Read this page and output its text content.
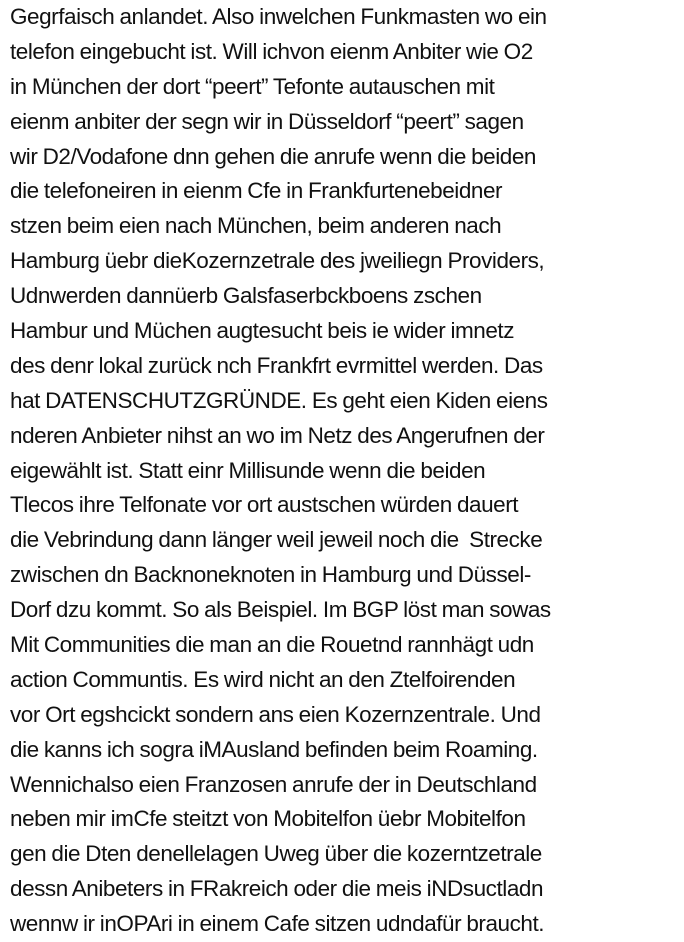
Gegrfaisch anlandet. Also inwelchen Funkmasten wo ein
telefon eingebucht ist. Will ichvon eienm Anbiter wie O2
in München der dort “peert” Tefonte autauschen mit
eienm anbiter der segn wir in Düsseldorf “peert” sagen
wir D2/Vodafone dnn gehen die anrufe wenn die beiden
die telefoneiren in eienm Cfe in Frankfurtenebeidner
stzen beim eien nach München, beim anderen nach
Hamburg üebr dieKozernzetrale des jweiliegn Providers,
Udnwerden dannüerb Galsfaserbckboens zschen
Hambur und Müchen augtesucht beis ie wider imnetz
des denr lokal zurück nch Frankfrt evrmittel werden. Das
hat DATENSCHUTZGRÜNDE. Es geht eien Kiden eiens
nderen Anbieter nihst an wo im Netz des Angerufnen der
eigewählt ist. Statt einr Millisunde wenn die beiden
Tlecos ihre Telfonate vor ort austschen würden dauert
die Vebrindung dann länger weil jeweil noch die  Strecke
zwischen dn Backnoneknoten in Hamburg und Düssel-
Dorf dzu kommt. So als Beispiel. Im BGP löst man sowas
Mit Communities die man an die Rouetnd rannhägt udn
action Communtis. Es wird nicht an den Ztelfoirenden
vor Ort egshcickt sondern ans eien Kozernzentrale. Und
die kanns ich sogra iMAusland befinden beim Roaming.
Wennichalso eien Franzosen anrufe der in Deutschland
neben mir imCfe steitzt von Mobitelfon üebr Mobitelfon
gen die Dten denellelagen Uweg über die kozerntzetrale
dessn Anibeters in FRakreich oder die meis iNDsuctladn
wennw ir inOPAri in einem Cafe sitzen udndafür braucht.
